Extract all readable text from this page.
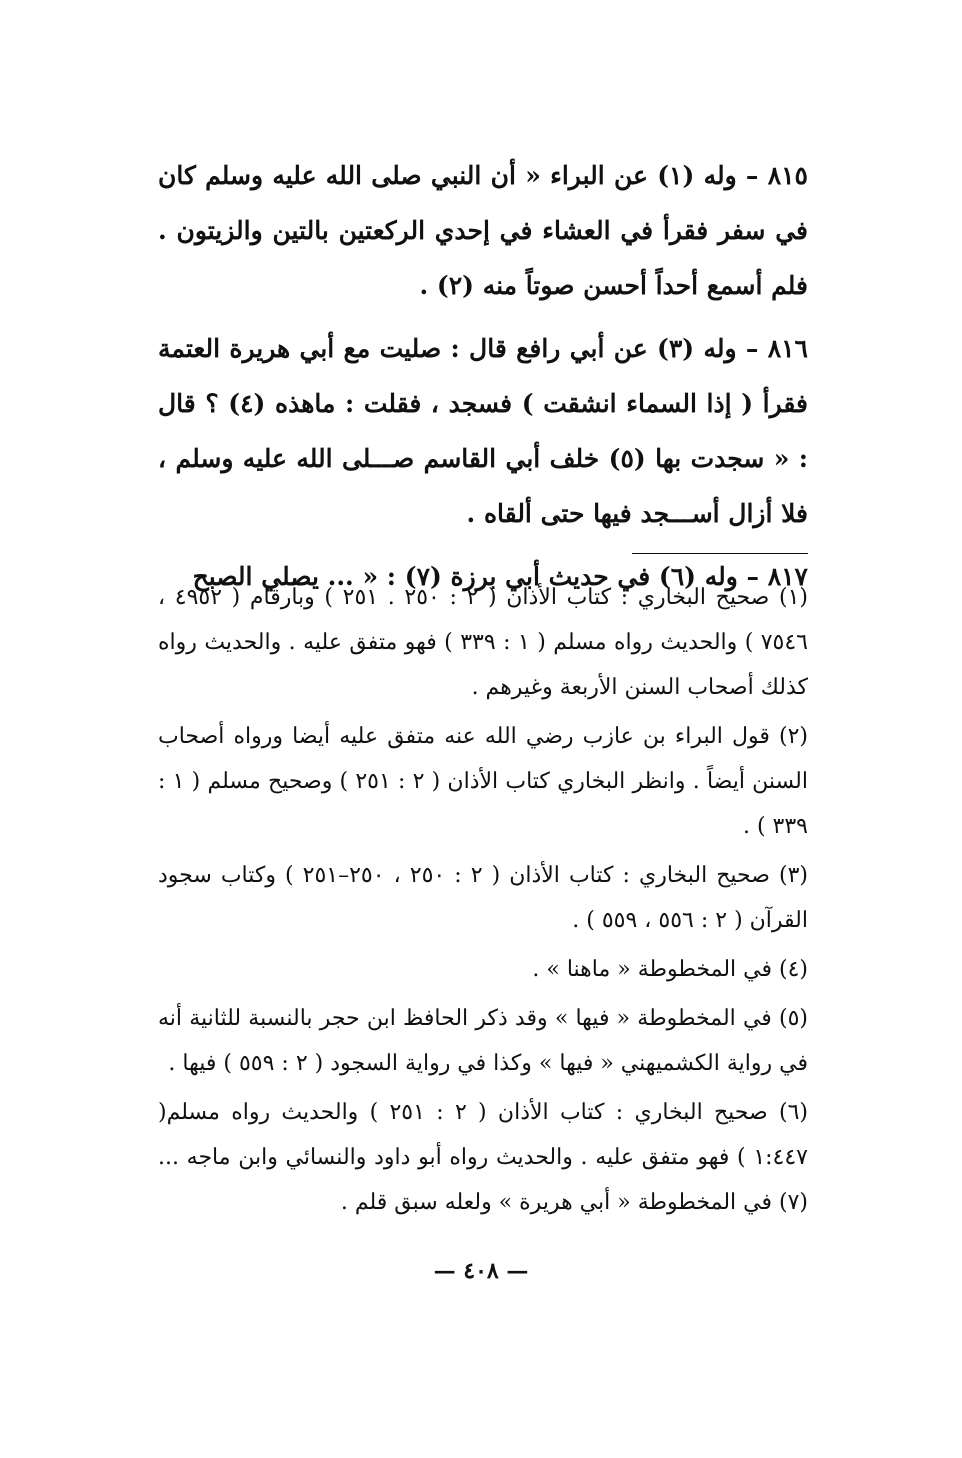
٨١٥ – وله (١) عن البراء « أن النبي صلى الله عليه وسلم كان في سفر فقرأ في العشاء في إحدي الركعتين بالتين والزيتون . فلم أسمع أحداً أحسن صوتاً منه (٢) .

٨١٦ – وله (٣) عن أبي رافع قال : صليت مع أبي هريرة العتمة فقرأ ( إذا السماء انشقت ) فسجد ، فقلت : ماهذه (٤) ؟ قال : « سجدت بها (٥) خلف أبي القاسم صـــلى الله عليه وسلم ، فلا أزال أســـجد فيها حتى ألقاه .

٨١٧ – وله (٦) في حديث أبي برزة (٧) : « ... يصلي الصبح

(١) صحيح البخاري : كتاب الأذان ( ٢ : ٢٥٠ . ٢٥١ ) وبأرقام ( ٤٩٥٢ ، ٧٥٤٦ ) والحديث رواه مسلم ( ١ : ٣٣٩ ) فهو متفق عليه . والحديث رواه كذلك أصحاب السنن الأربعة وغيرهم .

(٢) قول البراء بن عازب رضي الله عنه متفق عليه أيضا ورواه أصحاب السنن أيضاً . وانظر البخاري كتاب الأذان ( ٢ : ٢٥١ ) وصحيح مسلم ( ١ : ٣٣٩ ) .

(٣) صحيح البخاري : كتاب الأذان ( ٢ : ٢٥٠ ، ٢٥٠–٢٥١ ) وكتاب سجود القرآن ( ٢ : ٥٥٦ ، ٥٥٩ ) .

(٤) في المخطوطة « ماهنا » .

(٥) في المخطوطة « فيها » وقد ذكر الحافظ ابن حجر بالنسبة للثانية أنه في رواية الكشميهني « فيها » وكذا في رواية السجود ( ٢ : ٥٥٩ ) فيها .

(٦) صحيح البخاري : كتاب الأذان ( ٢ : ٢٥١ ) والحديث رواه مسلم( ١:٤٤٧ ) فهو متفق عليه . والحديث رواه أبو داود والنسائي وابن ماجه ... (٧) في المخطوطة « أبي هريرة » ولعله سبق قلم .

— ٤٠٨ —
